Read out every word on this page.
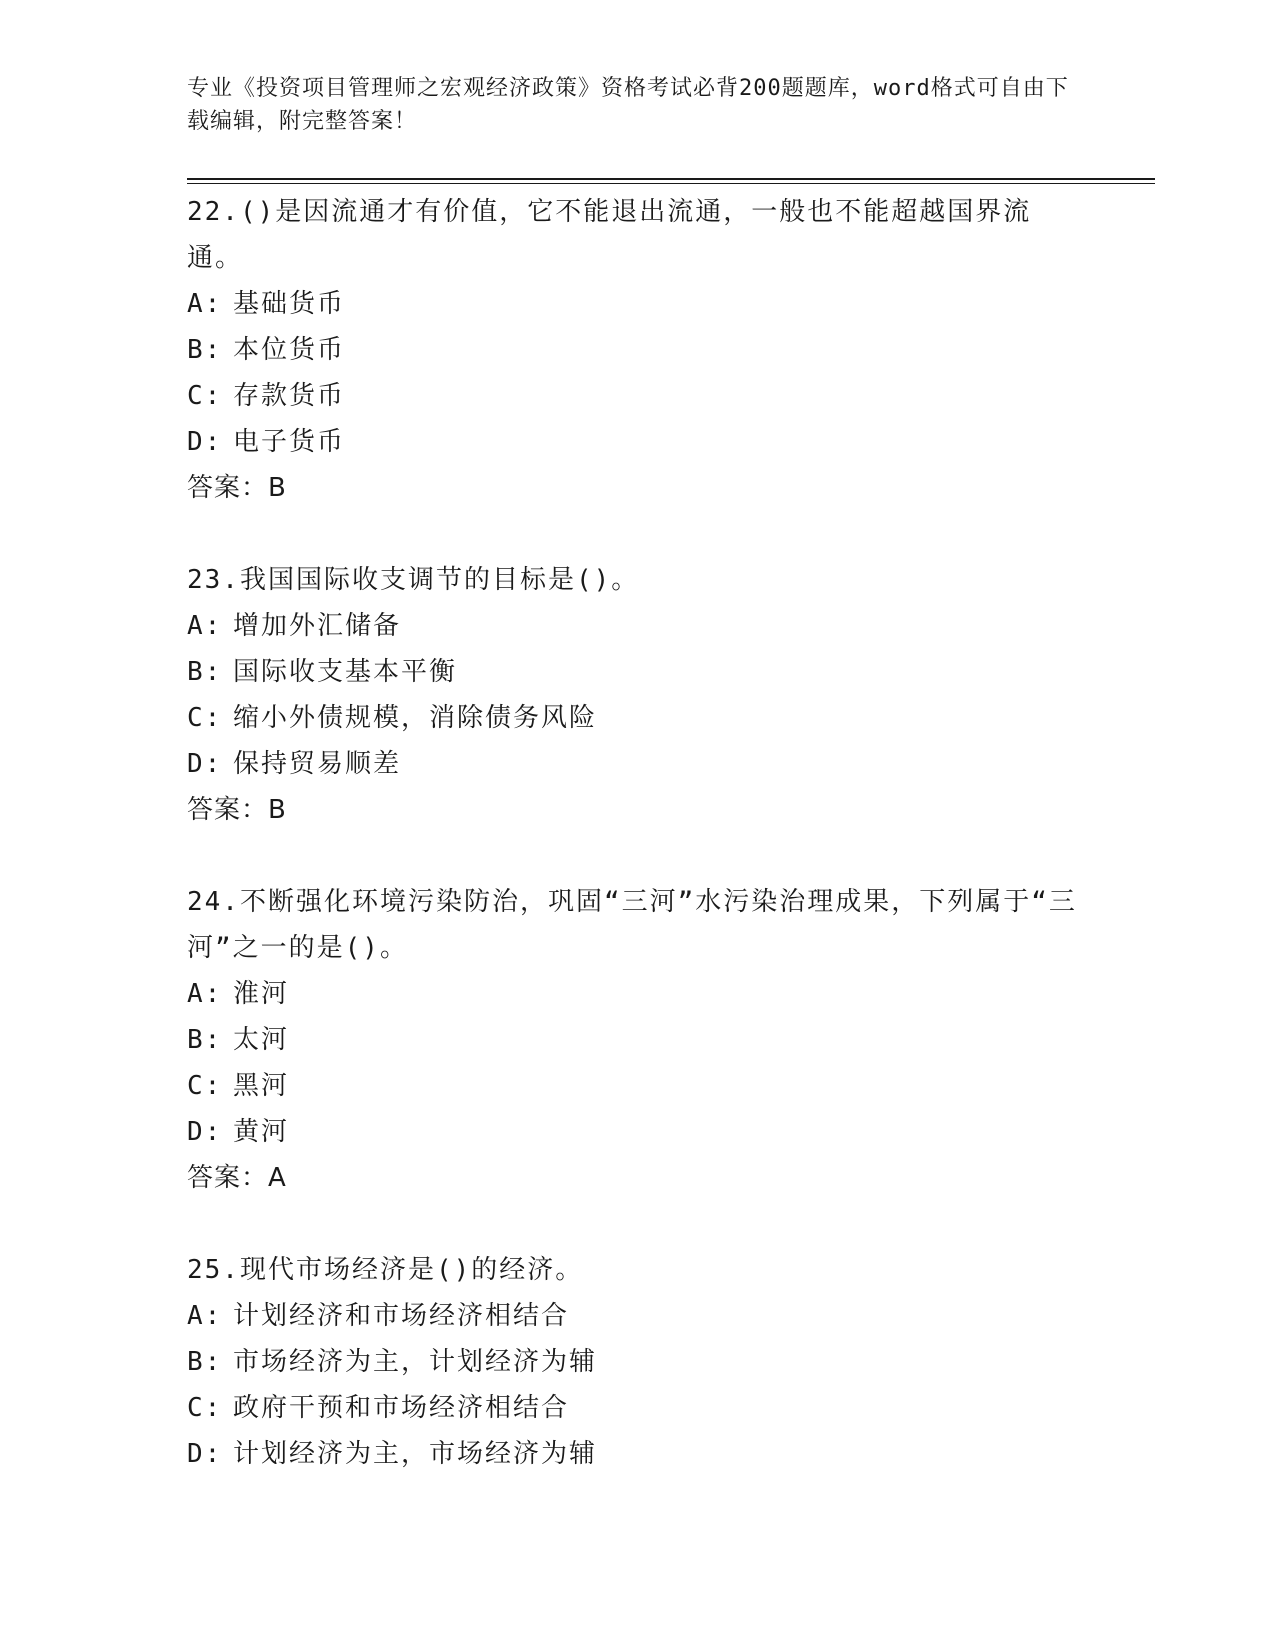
专业《投资项目管理师之宏观经济政策》资格考试必背200题题库，word格式可自由下载编辑，附完整答案！
22.()是因流通才有价值，它不能退出流通，一般也不能超越国界流通。
A: 基础货币
B: 本位货币
C: 存款货币
D: 电子货币
答案：B
23.我国国际收支调节的目标是()。
A: 增加外汇储备
B: 国际收支基本平衡
C: 缩小外债规模，消除债务风险
D: 保持贸易顺差
答案：B
24.不断强化环境污染防治，巩固“三河”水污染治理成果，下列属于“三河”之一的是()。
A: 淮河
B: 太河
C: 黑河
D: 黄河
答案：A
25.现代市场经济是()的经济。
A: 计划经济和市场经济相结合
B: 市场经济为主，计划经济为辅
C: 政府干预和市场经济相结合
D: 计划经济为主，市场经济为辅
